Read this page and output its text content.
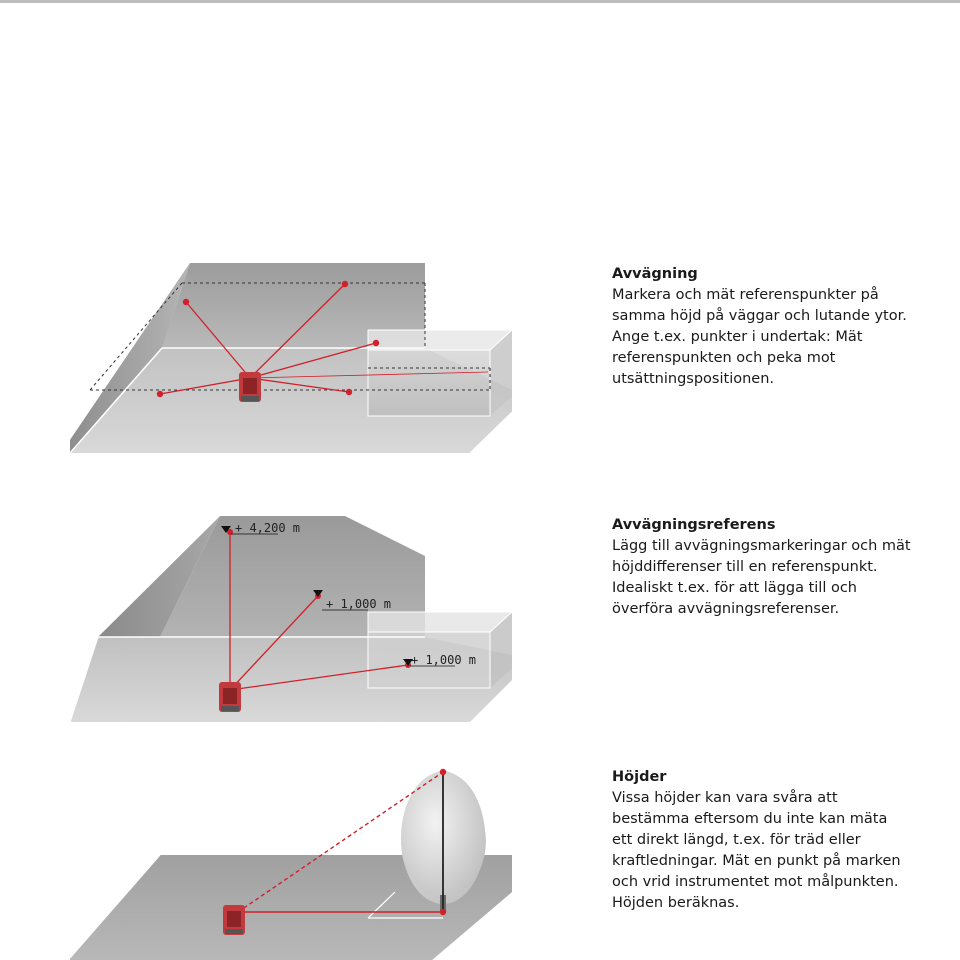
Avvägning

Markera och mät referenspunkter på samma höjd på väggar och lutande ytor. Ange t.ex. punkter i undertak: Mät referenspunkten och peka mot utsättningspositionen.

+ 4,200 m
+ 1,000 m
+ 1,000 m
Avvägningsreferens

Lägg till avvägningsmarkeringar och mät höjddifferenser till en referenspunkt. Idealiskt t.ex. för att lägga till och överföra avvägningsreferenser.

Höjder

Vissa höjder kan vara svåra att bestämma eftersom du inte kan mäta ett direkt längd, t.ex. för träd eller kraftledningar. Mät en punkt på marken och vrid instrumentet mot målpunkten. Höjden beräknas.
